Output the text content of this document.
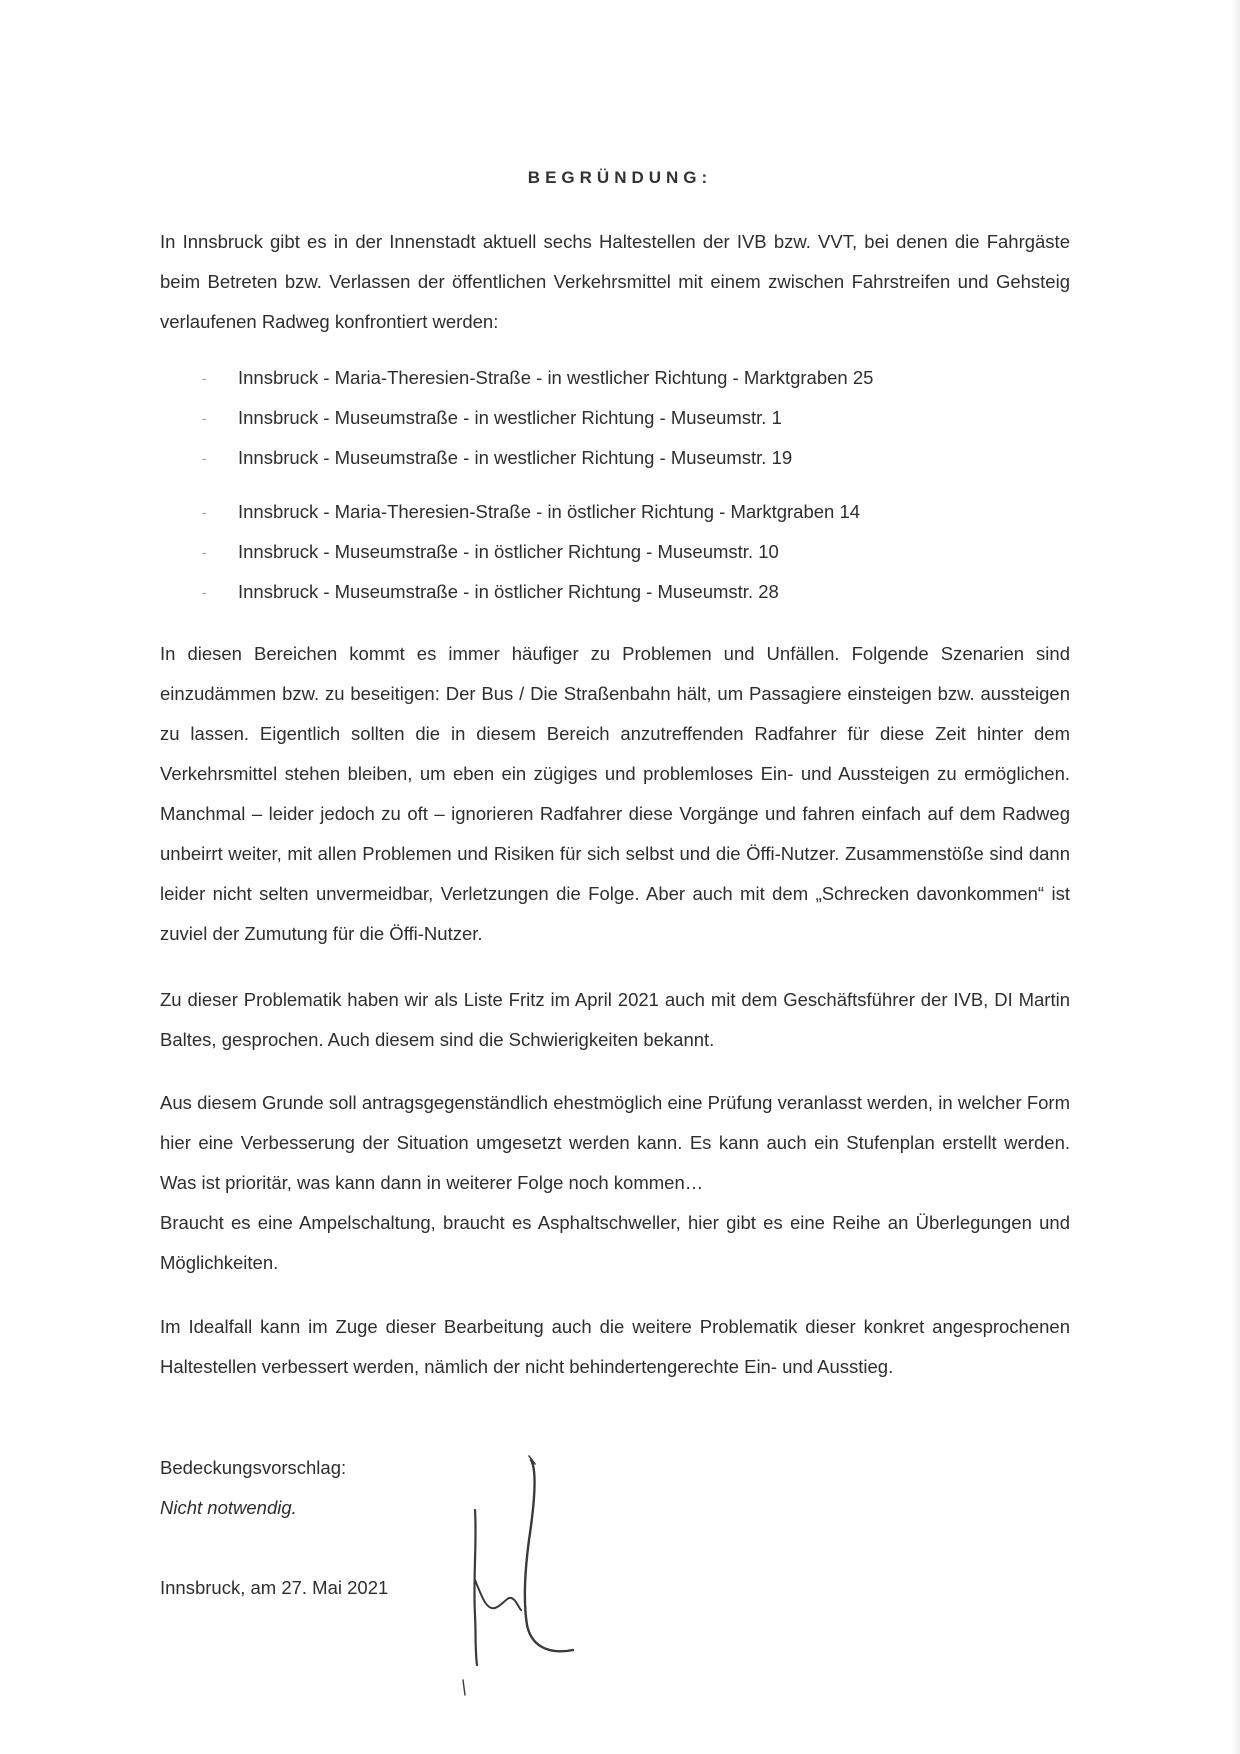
BEGRÜNDUNG:
In Innsbruck gibt es in der Innenstadt aktuell sechs Haltestellen der IVB bzw. VVT, bei denen die Fahrgäste beim Betreten bzw. Verlassen der öffentlichen Verkehrsmittel mit einem zwischen Fahrstreifen und Gehsteig verlaufenen Radweg konfrontiert werden:
- Innsbruck - Maria-Theresien-Straße - in westlicher Richtung - Marktgraben 25
- Innsbruck - Museumstraße - in westlicher Richtung - Museumstr. 1
- Innsbruck - Museumstraße - in westlicher Richtung - Museumstr. 19
- Innsbruck - Maria-Theresien-Straße - in östlicher Richtung - Marktgraben 14
- Innsbruck - Museumstraße - in östlicher Richtung - Museumstr. 10
- Innsbruck - Museumstraße - in östlicher Richtung - Museumstr. 28
In diesen Bereichen kommt es immer häufiger zu Problemen und Unfällen. Folgende Szenarien sind einzudämmen bzw. zu beseitigen: Der Bus / Die Straßenbahn hält, um Passagiere einsteigen bzw. aussteigen zu lassen. Eigentlich sollten die in diesem Bereich anzutreffenden Radfahrer für diese Zeit hinter dem Verkehrsmittel stehen bleiben, um eben ein zügiges und problemloses Ein- und Aussteigen zu ermöglichen. Manchmal – leider jedoch zu oft – ignorieren Radfahrer diese Vorgänge und fahren einfach auf dem Radweg unbeirrt weiter, mit allen Problemen und Risiken für sich selbst und die Öffi-Nutzer. Zusammenstöße sind dann leider nicht selten unvermeidbar, Verletzungen die Folge. Aber auch mit dem „Schrecken davonkommen“ ist zuviel der Zumutung für die Öffi-Nutzer.
Zu dieser Problematik haben wir als Liste Fritz im April 2021 auch mit dem Geschäftsführer der IVB, DI Martin Baltes, gesprochen. Auch diesem sind die Schwierigkeiten bekannt.
Aus diesem Grunde soll antragsgegenständlich ehestmöglich eine Prüfung veranlasst werden, in welcher Form hier eine Verbesserung der Situation umgesetzt werden kann. Es kann auch ein Stufenplan erstellt werden. Was ist prioritär, was kann dann in weiterer Folge noch kommen…
Braucht es eine Ampelschaltung, braucht es Asphaltschweller, hier gibt es eine Reihe an Überlegungen und Möglichkeiten.
Im Idealfall kann im Zuge dieser Bearbeitung auch die weitere Problematik dieser konkret angesprochenen Haltestellen verbessert werden, nämlich der nicht behindertengerechte Ein- und Ausstieg.
Bedeckungsvorschlag:
Nicht notwendig.
Innsbruck, am 27. Mai 2021
